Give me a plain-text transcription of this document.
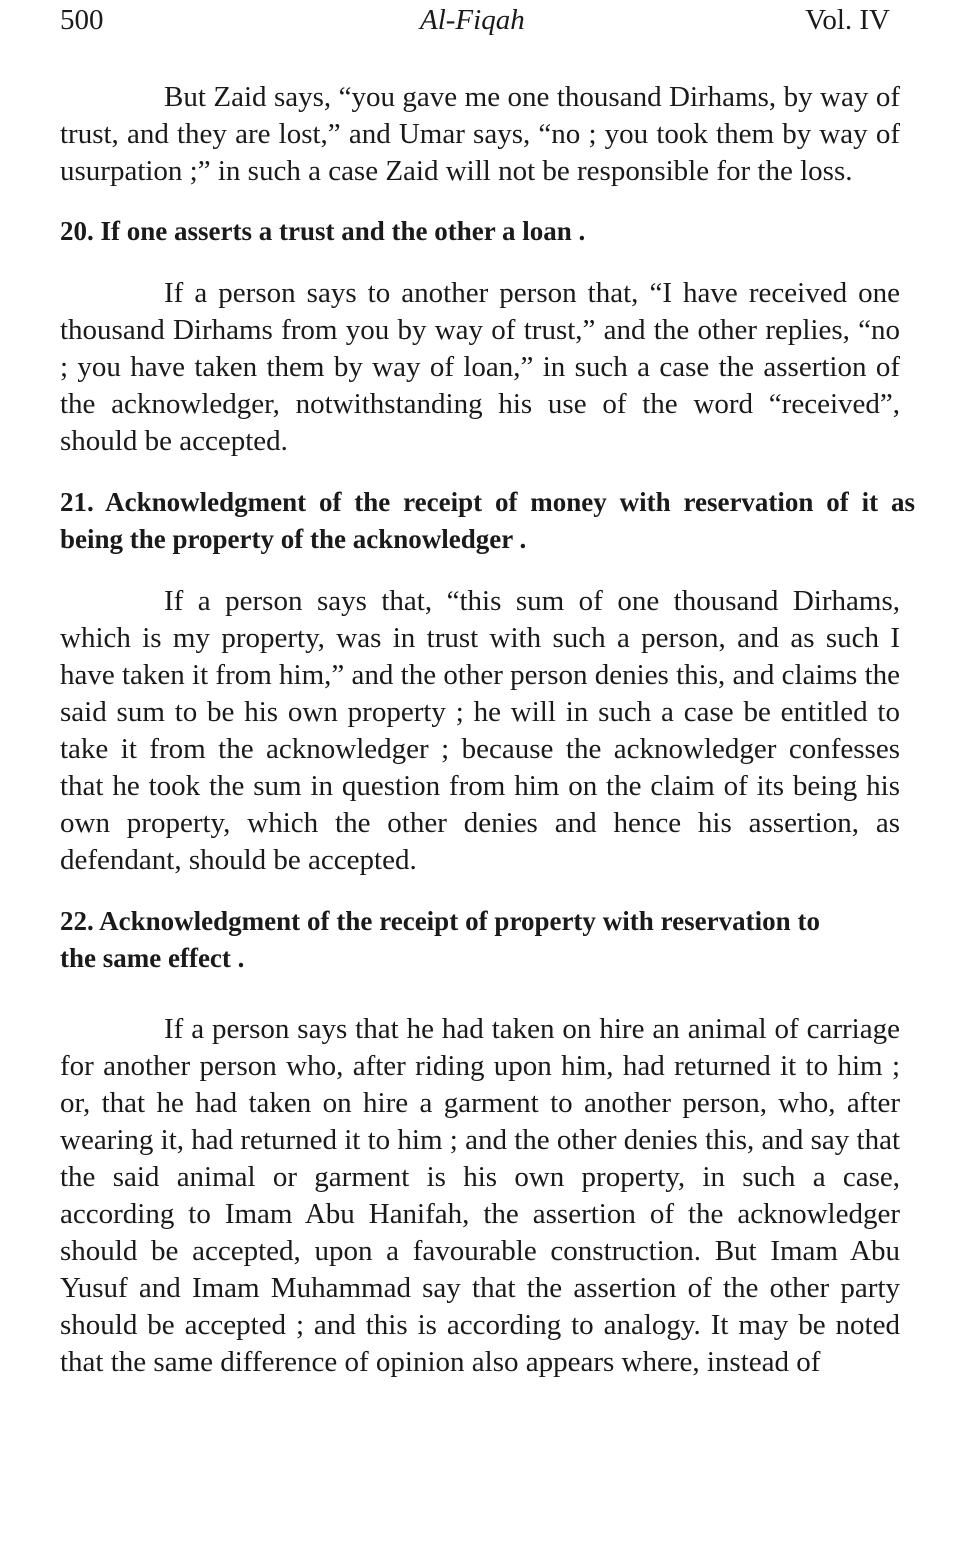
500	Al-Fiqah	Vol. IV

But Zaid says, “you gave me one thousand Dirhams, by way of trust, and they are lost,” and Umar says, “no ; you took them by way of usurpation ;” in such a case Zaid will not be responsible for the loss.

20. If one asserts a trust and the other a loan .

If a person says to another person that, “I have received one thousand Dirhams from you by way of trust,” and the other replies, “no ; you have taken them by way of loan,” in such a case the assertion of the acknowledger, notwithstanding his use of the word “received”, should be accepted.

21. Acknowledgment of the receipt of money with reservation of it as being the property of the acknowledger .

If a person says that, “this sum of one thousand Dirhams, which is my property, was in trust with such a person, and as such I have taken it from him,” and the other person denies this, and claims the said sum to be his own property ; he will in such a case be entitled to take it from the acknowledger ; because the acknowledger confesses that he took the sum in question from him on the claim of its being his own property, which the other denies and hence his assertion, as defendant, should be accepted.

22. Acknowledgment of the receipt of property with reservation to the same effect .

If a person says that he had taken on hire an animal of carriage for another person who, after riding upon him, had returned it to him ; or, that he had taken on hire a garment to another person, who, after wearing it, had returned it to him ; and the other denies this, and say that the said animal or garment is his own property, in such a case, according to Imam Abu Hanifah, the assertion of the acknowledger should be accepted, upon a favourable construction. But Imam Abu Yusuf and Imam Muhammad say that the assertion of the other party should be accepted ; and this is according to analogy. It may be noted that the same difference of opinion also appears where, instead of
